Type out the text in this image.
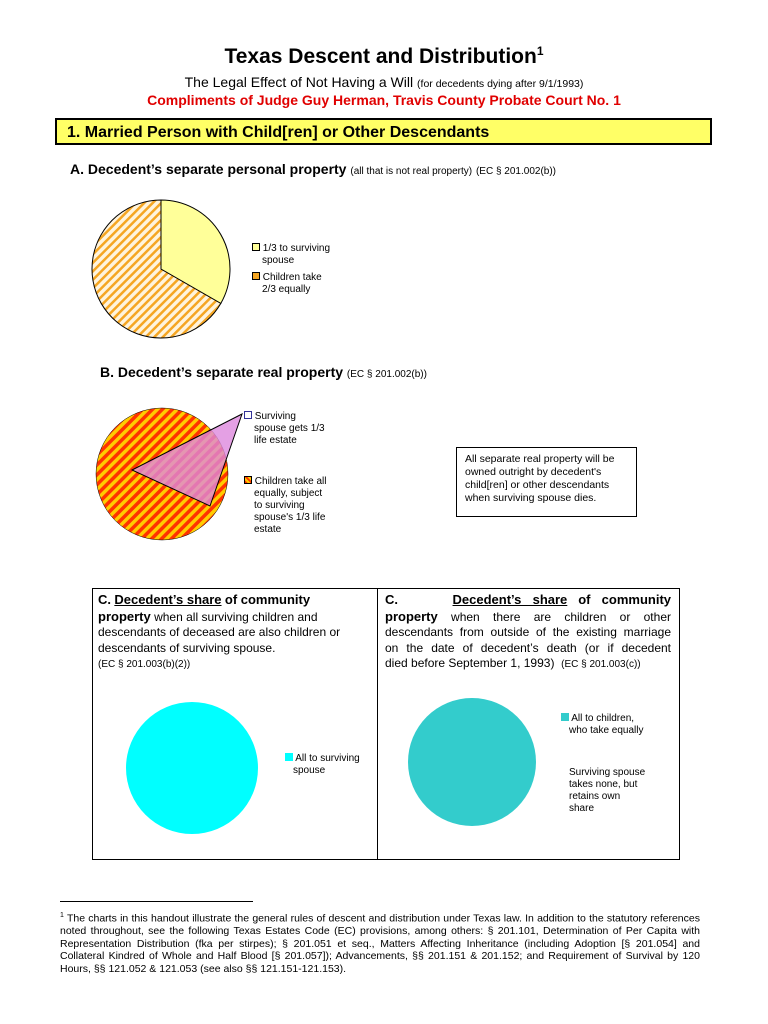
Texas Descent and Distribution$^1$
The Legal Effect of Not Having a Will (for decedents dying after 9/1/1993)
Compliments of Judge Guy Herman, Travis County Probate Court No. 1
1. Married Person with Child[ren] or Other Descendants
A. Decedent’s separate personal property (all that is not real property) (EC § 201.002(b))
1/3 to surviving
spouse
Children take
2/3 equally
B. Decedent’s separate real property (EC § 201.002(b))
Surviving
spouse gets 1/3
life estate
Children take all
equally, subject
to surviving
spouse's 1/3 life
estate
All separate real property will be
owned outright by decedent's
child[ren] or other descendants
when surviving spouse dies.
C. Decedent’s share of community
property when all surviving children and
descendants of deceased are also children or
descendants of surviving spouse.
(EC § 201.003(b)(2))
C.	Decedent’s share of community
property when there are children or other
descendants from outside of the existing marriage
on the date of decedent’s death (or if decedent
died before September 1, 1993) (EC § 201.003(c))
All to surviving
spouse
All to children,
who take equally
Surviving spouse
takes none, but
retains own
share
$^1$ The charts in this handout illustrate the general rules of descent and distribution under Texas law. In addition to the statutory references noted throughout, see the following Texas Estates Code (EC) provisions, among others: § 201.101, Determination of Per Capita with Representation Distribution (fka per stirpes); § 201.051 et seq., Matters Affecting Inheritance (including Adoption [§ 201.054] and Collateral Kindred of Whole and Half Blood [§ 201.057]); Advancements, §§ 201.151 & 201.152; and Requirement of Survival by 120 Hours, §§ 121.052 & 121.053 (see also §§ 121.151-121.153).
